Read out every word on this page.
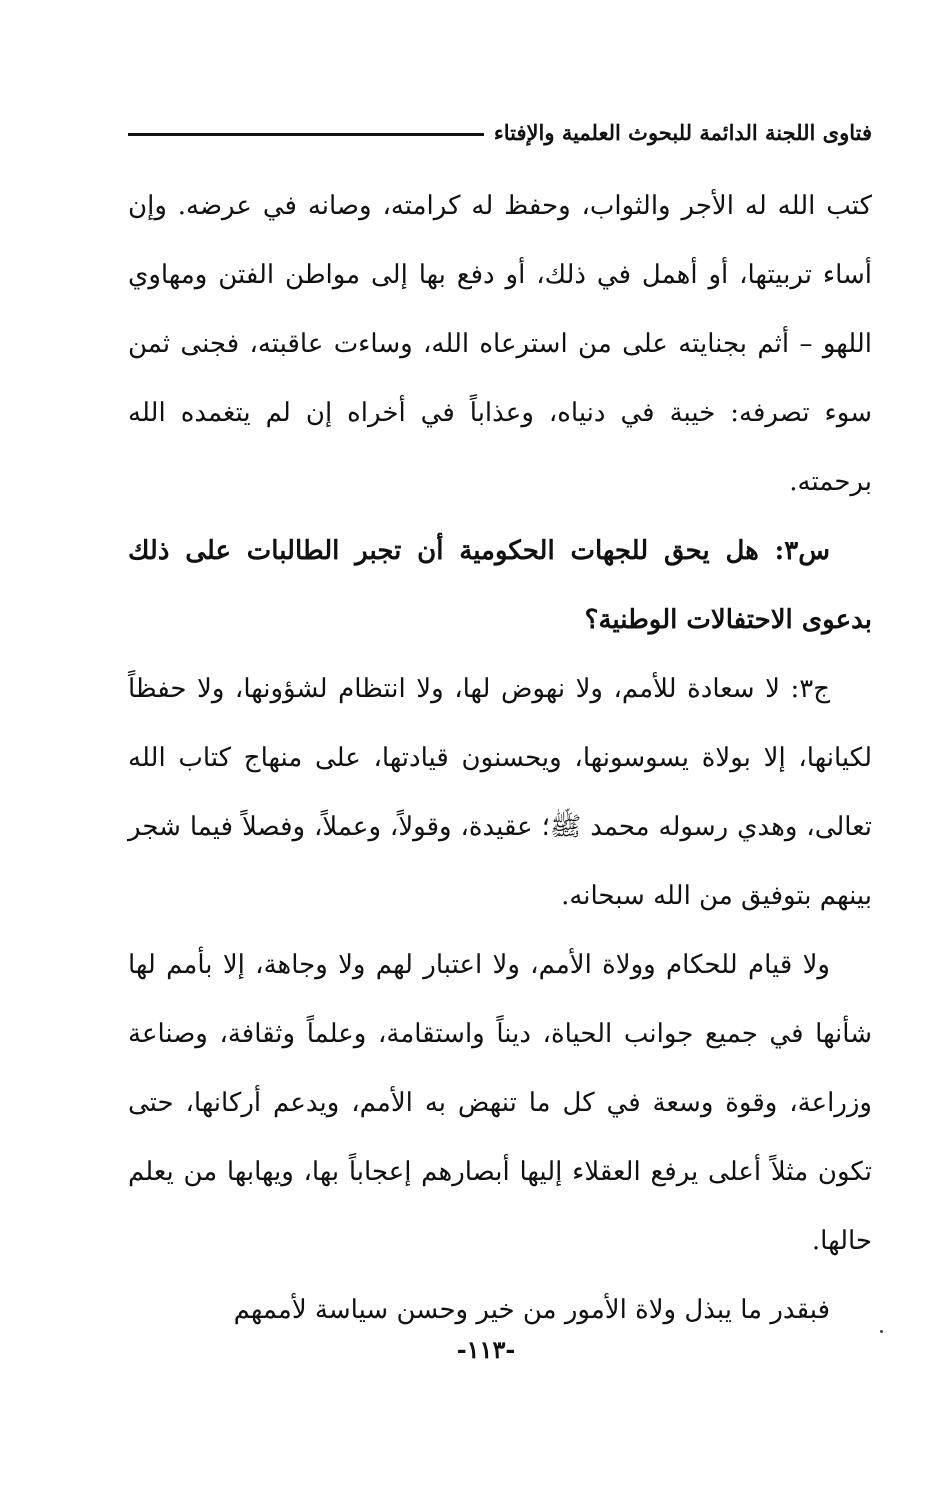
فتاوى اللجنة الدائمة للبحوث العلمية والإفتاء

كتب الله له الأجر والثواب، وحفظ له كرامته، وصانه في عرضه. وإن أساء تربيتها، أو أهمل في ذلك، أو دفع بها إلى مواطن الفتن ومهاوي اللهو – أثم بجنايته على من استرعاه الله، وساءت عاقبته، فجنى ثمن سوء تصرفه: خيبة في دنياه، وعذاباً في أخراه إن لم يتغمده الله برحمته.

س٣: هل يحق للجهات الحكومية أن تجبر الطالبات على ذلك بدعوى الاحتفالات الوطنية؟

ج٣: لا سعادة للأمم، ولا نهوض لها، ولا انتظام لشؤونها، ولا حفظاً لكيانها، إلا بولاة يسوسونها، ويحسنون قيادتها، على منهاج كتاب الله تعالى، وهدي رسوله محمد ﷺ؛ عقيدة، وقولاً، وعملاً، وفصلاً فيما شجر بينهم بتوفيق من الله سبحانه.

ولا قيام للحكام وولاة الأمم، ولا اعتبار لهم ولا وجاهة، إلا بأمم لها شأنها في جميع جوانب الحياة، ديناً واستقامة، وعلماً وثقافة، وصناعة وزراعة، وقوة وسعة في كل ما تنهض به الأمم، ويدعم أركانها، حتى تكون مثلاً أعلى يرفع العقلاء إليها أبصارهم إعجاباً بها، ويهابها من يعلم حالها.

فبقدر ما يبذل ولاة الأمور من خير وحسن سياسة لأممهم

-١١٣-
